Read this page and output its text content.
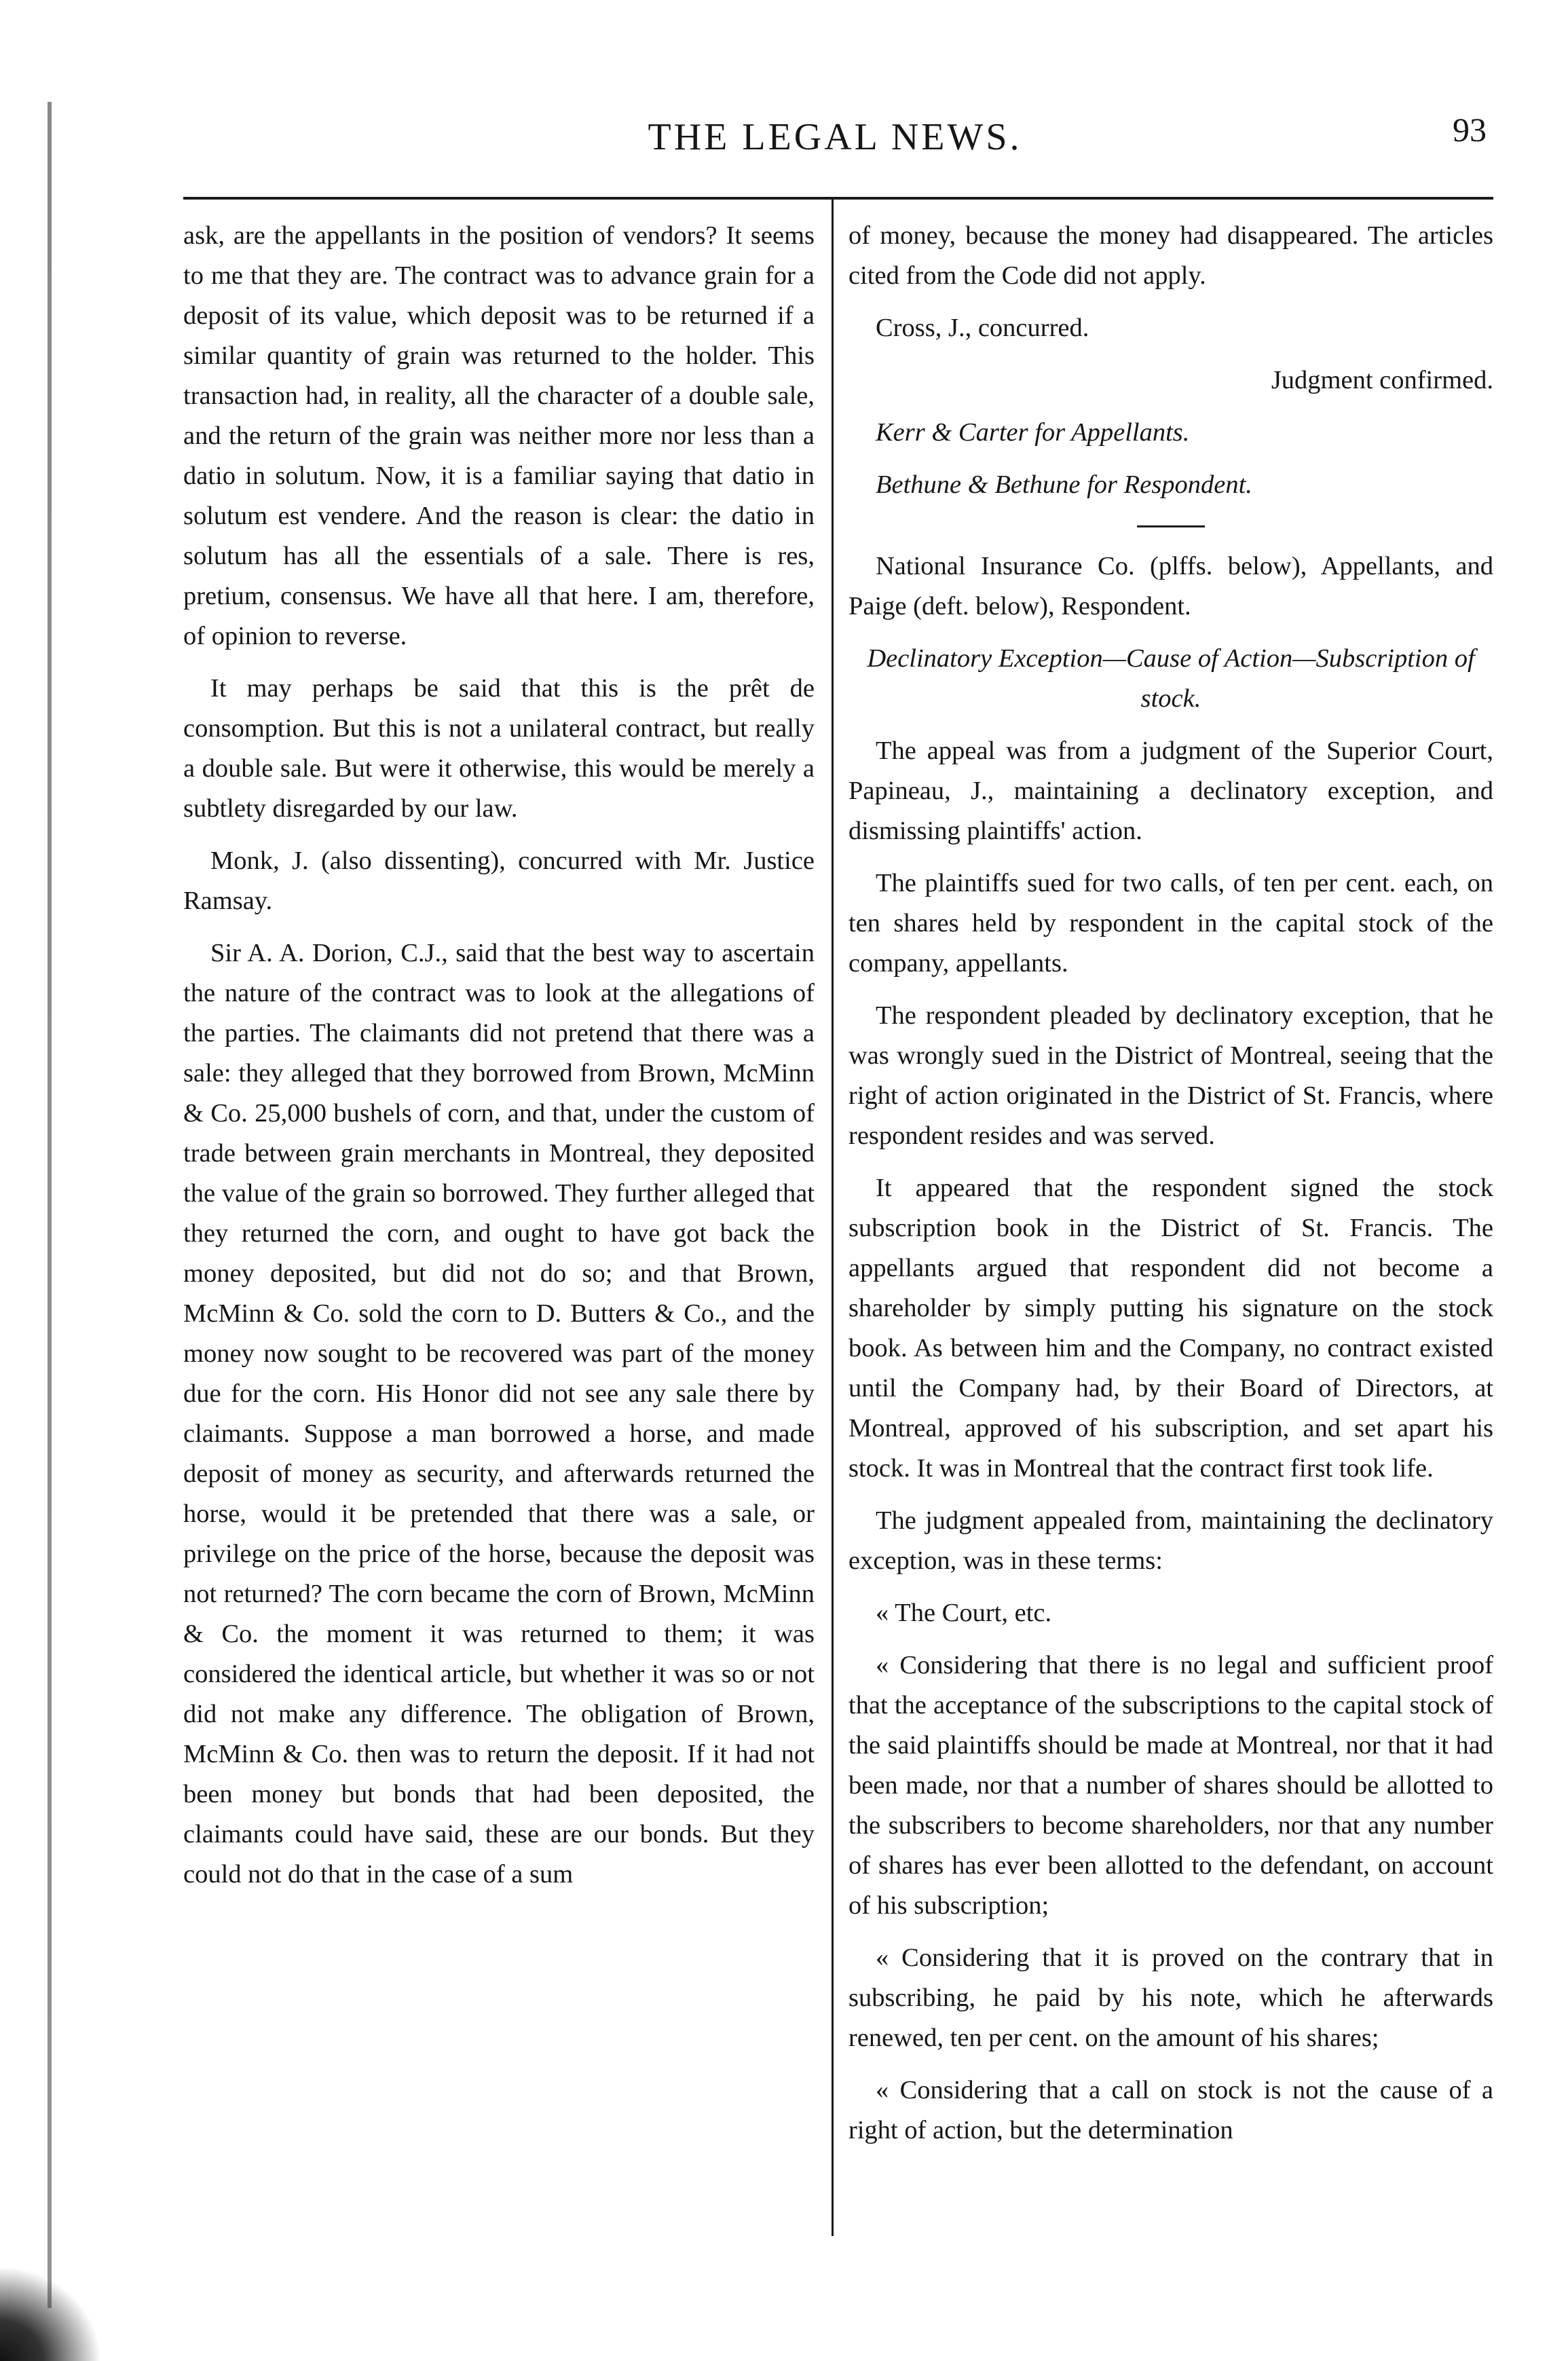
THE LEGAL NEWS.	93

ask, are the appellants in the position of vendors? It seems to me that they are. The contract was to advance grain for a deposit of its value, which deposit was to be returned if a similar quantity of grain was returned to the holder. This transaction had, in reality, all the character of a double sale, and the return of the grain was neither more nor less than a datio in solutum. Now, it is a familiar saying that datio in solutum est vendere. And the reason is clear: the datio in solutum has all the essentials of a sale. There is res, pretium, consensus. We have all that here. I am, therefore, of opinion to reverse.

It may perhaps be said that this is the prêt de consomption. But this is not a unilateral contract, but really a double sale. But were it otherwise, this would be merely a subtlety disregarded by our law.

Monk, J. (also dissenting), concurred with Mr. Justice Ramsay.

Sir A. A. Dorion, C.J., said that the best way to ascertain the nature of the contract was to look at the allegations of the parties. The claimants did not pretend that there was a sale: they alleged that they borrowed from Brown, McMinn & Co. 25,000 bushels of corn, and that, under the custom of trade between grain merchants in Montreal, they deposited the value of the grain so borrowed. They further alleged that they returned the corn, and ought to have got back the money deposited, but did not do so; and that Brown, McMinn & Co. sold the corn to D. Butters & Co., and the money now sought to be recovered was part of the money due for the corn. His Honor did not see any sale there by claimants. Suppose a man borrowed a horse, and made deposit of money as security, and afterwards returned the horse, would it be pretended that there was a sale, or privilege on the price of the horse, because the deposit was not returned? The corn became the corn of Brown, McMinn & Co. the moment it was returned to them; it was considered the identical article, but whether it was so or not did not make any difference. The obligation of Brown, McMinn & Co. then was to return the deposit. If it had not been money but bonds that had been deposited, the claimants could have said, these are our bonds. But they could not do that in the case of a sum

of money, because the money had disappeared. The articles cited from the Code did not apply.

Cross, J., concurred.

Judgment confirmed.

Kerr & Carter for Appellants.

Bethune & Bethune for Respondent.

National Insurance Co. (plffs. below), Appellants, and Paige (deft. below), Respondent.

Declinatory Exception—Cause of Action—Subscription of stock.

The appeal was from a judgment of the Superior Court, Papineau, J., maintaining a declinatory exception, and dismissing plaintiffs' action.

The plaintiffs sued for two calls, of ten per cent. each, on ten shares held by respondent in the capital stock of the company, appellants.

The respondent pleaded by declinatory exception, that he was wrongly sued in the District of Montreal, seeing that the right of action originated in the District of St. Francis, where respondent resides and was served.

It appeared that the respondent signed the stock subscription book in the District of St. Francis. The appellants argued that respondent did not become a shareholder by simply putting his signature on the stock book. As between him and the Company, no contract existed until the Company had, by their Board of Directors, at Montreal, approved of his subscription, and set apart his stock. It was in Montreal that the contract first took life.

The judgment appealed from, maintaining the declinatory exception, was in these terms:

« The Court, etc.

« Considering that there is no legal and sufficient proof that the acceptance of the subscriptions to the capital stock of the said plaintiffs should be made at Montreal, nor that it had been made, nor that a number of shares should be allotted to the subscribers to become shareholders, nor that any number of shares has ever been allotted to the defendant, on account of his subscription;

« Considering that it is proved on the contrary that in subscribing, he paid by his note, which he afterwards renewed, ten per cent. on the amount of his shares;

« Considering that a call on stock is not the cause of a right of action, but the determination
